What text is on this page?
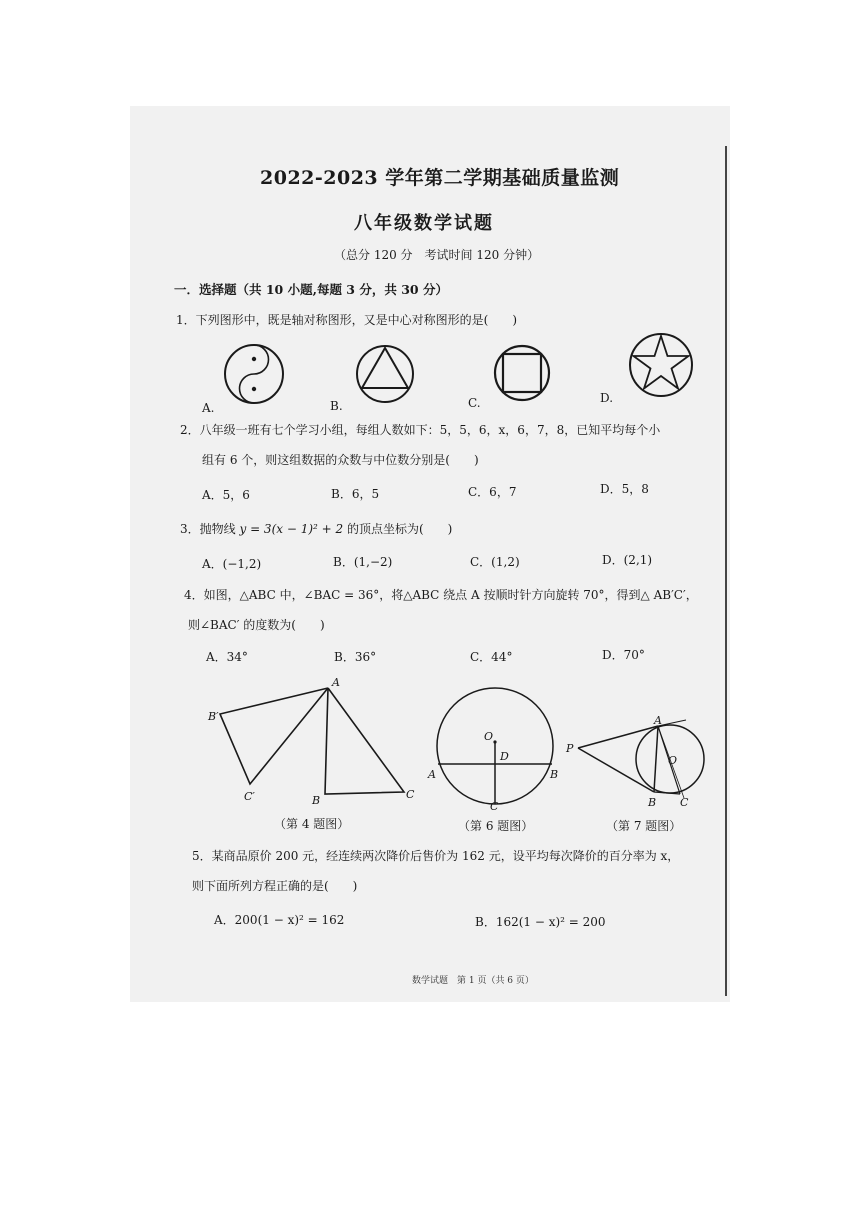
2022-2023 学年第二学期基础质量监测
八年级数学试题
（总分 120 分　考试时间 120 分钟）
一．选择题（共 10 小题,每题 3 分，共 30 分）
1．下列图形中，既是轴对称图形，又是中心对称图形的是(　　)
A.	B.	C.	D.
2．八年级一班有七个学习小组，每组人数如下：5，5，6，x，6，7，8，已知平均每个小
组有 6 个，则这组数据的众数与中位数分别是(　　)
A．5，6	B．6，5	C．6，7	D．5，8
3．抛物线 y = 3(x − 1)² + 2 的顶点坐标为(　　)
A．(−1,2)	B．(1,−2)	C．(1,2)	D．(2,1)
4．如图，△ABC 中，∠BAC = 36°，将△ABC 绕点 A 按顺时针方向旋转 70°，得到△ AB′C′，
则∠BAC′ 的度数为(　　)
A．34°	B．36°	C．44°	D．70°
A
B′
C′	B	C
（第 4 题图）
O
D
A	B
C
（第 6 题图）
A
P
O
B C
（第 7 题图）
5．某商品原价 200 元，经连续两次降价后售价为 162 元，设平均每次降价的百分率为 x，
则下面所列方程正确的是(　　)
A．200(1 − x)² = 162	B．162(1 − x)² = 200
数学试题　第 1 页（共 6 页）
